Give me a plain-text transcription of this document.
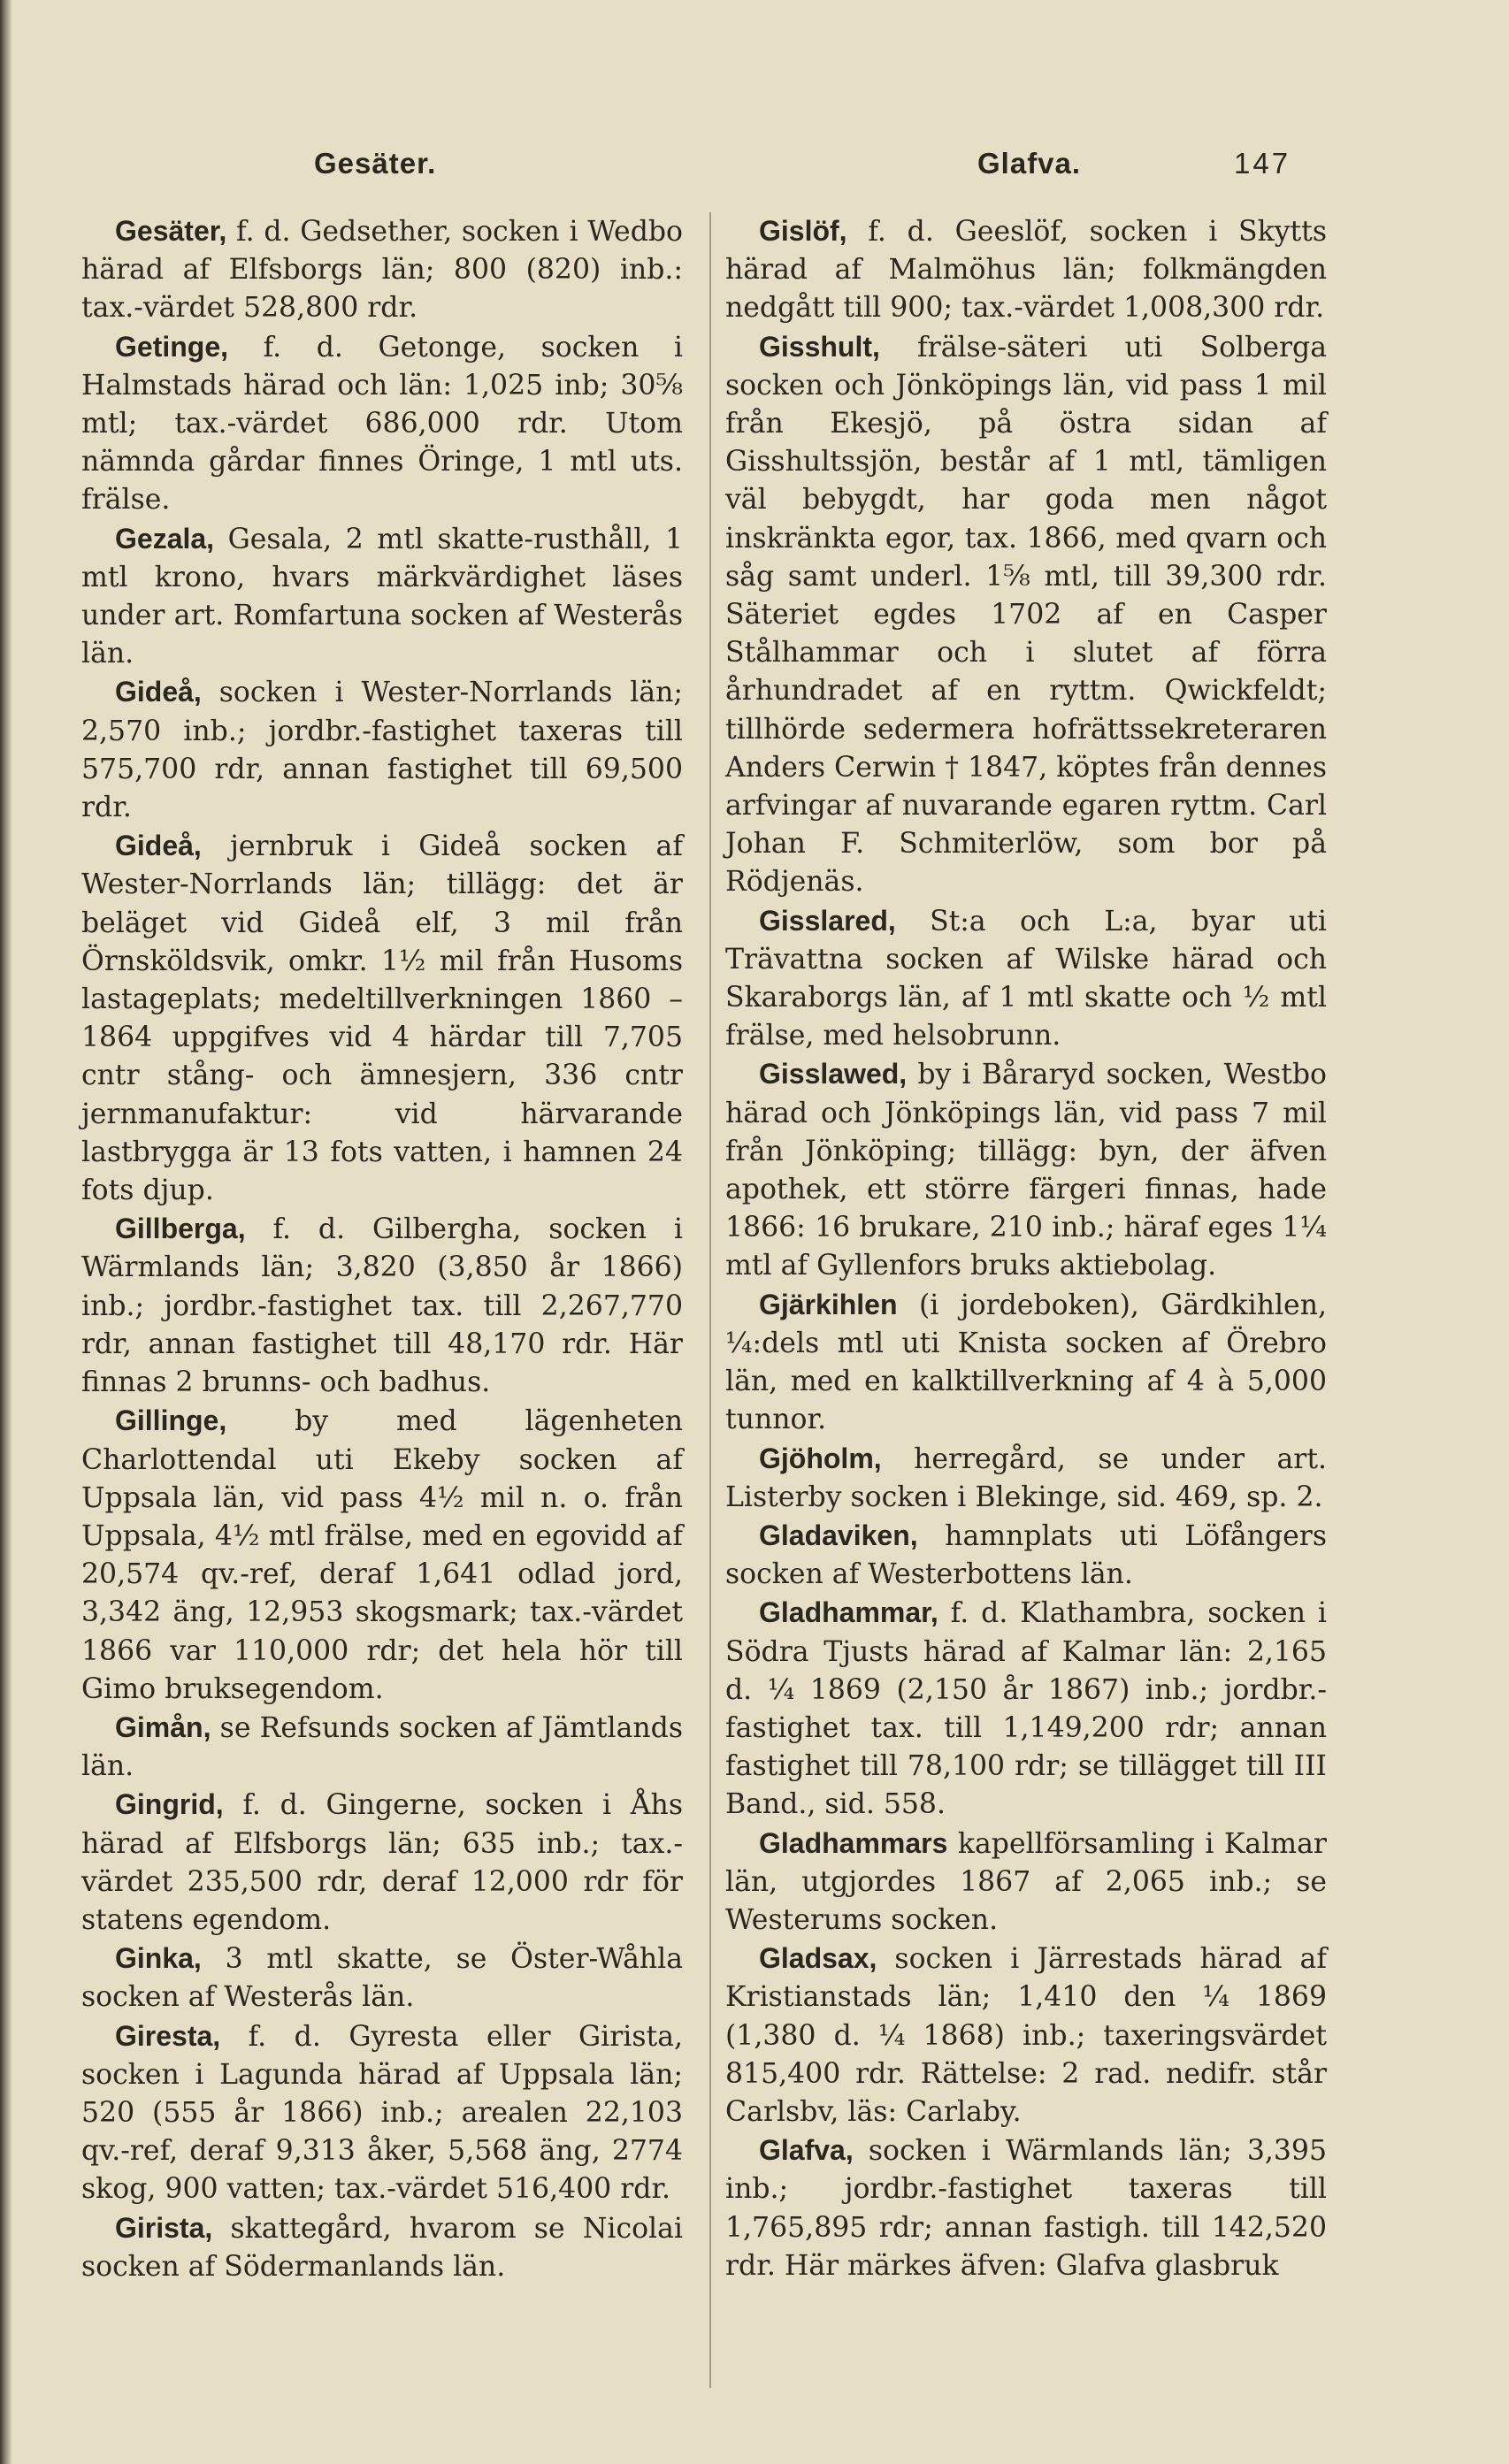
Gesäter.	Glafva.	147

Gesäter, f. d. Gedsether, socken i Wedbo härad af Elfsborgs län; 800 (820) inb.: tax.-värdet 528,800 rdr.

Getinge, f. d. Getonge, socken i Halmstads härad och län: 1,025 inb; 30⅝ mtl; tax.-värdet 686,000 rdr. Utom nämnda gårdar finnes Öringe, 1 mtl uts. frälse.

Gezala, Gesala, 2 mtl skatte-rusthåll, 1 mtl krono, hvars märkvärdighet läses under art. Romfartuna socken af Westerås län.

Gideå, socken i Wester-Norrlands län; 2,570 inb.; jordbr.-fastighet taxeras till 575,700 rdr, annan fastighet till 69,500 rdr.

Gideå, jernbruk i Gideå socken af Wester-Norrlands län; tillägg: det är beläget vid Gideå elf, 3 mil från Örnsköldsvik, omkr. 1½ mil från Husoms lastageplats; medeltillverkningen 1860 –1864 uppgifves vid 4 härdar till 7,705 cntr stång- och ämnesjern, 336 cntr jernmanufaktur: vid härvarande lastbrygga är 13 fots vatten, i hamnen 24 fots djup.

Gillberga, f. d. Gilbergha, socken i Wärmlands län; 3,820 (3,850 år 1866) inb.; jordbr.-fastighet tax. till 2,267,770 rdr, annan fastighet till 48,170 rdr. Här finnas 2 brunns- och badhus.

Gillinge, by med lägenheten Charlottendal uti Ekeby socken af Uppsala län, vid pass 4½ mil n. o. från Uppsala, 4½ mtl frälse, med en egovidd af 20,574 qv.-ref, deraf 1,641 odlad jord, 3,342 äng, 12,953 skogsmark; tax.-värdet 1866 var 110,000 rdr; det hela hör till Gimo bruksegendom.

Gimån, se Refsunds socken af Jämtlands län.

Gingrid, f. d. Gingerne, socken i Åhs härad af Elfsborgs län; 635 inb.; tax.-värdet 235,500 rdr, deraf 12,000 rdr för statens egendom.

Ginka, 3 mtl skatte, se Öster-Wåhla socken af Westerås län.

Giresta, f. d. Gyresta eller Girista, socken i Lagunda härad af Uppsala län; 520 (555 år 1866) inb.; arealen 22,103 qv.-ref, deraf 9,313 åker, 5,568 äng, 2774 skog, 900 vatten; tax.-värdet 516,400 rdr.

Girista, skattegård, hvarom se Nicolai socken af Södermanlands län.

Gislöf, f. d. Geeslöf, socken i Skytts härad af Malmöhus län; folkmängden nedgått till 900; tax.-värdet 1,008,300 rdr.

Gisshult, frälse-säteri uti Solberga socken och Jönköpings län, vid pass 1 mil från Ekesjö, på östra sidan af Gisshultssjön, består af 1 mtl, tämligen väl bebygdt, har goda men något inskränkta egor, tax. 1866, med qvarn och såg samt underl. 1⅝ mtl, till 39,300 rdr. Säteriet egdes 1702 af en Casper Stålhammar och i slutet af förra århundradet af en ryttm. Qwickfeldt; tillhörde sedermera hofrättssekreteraren Anders Cerwin † 1847, köptes från dennes arfvingar af nuvarande egaren ryttm. Carl Johan F. Schmiterlöw, som bor på Rödjenäs.

Gisslared, St:a och L:a, byar uti Trävattna socken af Wilske härad och Skaraborgs län, af 1 mtl skatte och ½ mtl frälse, med helsobrunn.

Gisslawed, by i Båraryd socken, Westbo härad och Jönköpings län, vid pass 7 mil från Jönköping; tillägg: byn, der äfven apothek, ett större färgeri finnas, hade 1866: 16 brukare, 210 inb.; häraf eges 1¼ mtl af Gyllenfors bruks aktiebolag.

Gjärkihlen (i jordeboken), Gärdkihlen, ¼:dels mtl uti Knista socken af Örebro län, med en kalktillverkning af 4 à 5,000 tunnor.

Gjöholm, herregård, se under art. Listerby socken i Blekinge, sid. 469, sp. 2.

Gladaviken, hamnplats uti Löfångers socken af Westerbottens län.

Gladhammar, f. d. Klathambra, socken i Södra Tjusts härad af Kalmar län: 2,165 d. ¼ 1869 (2,150 år 1867) inb.; jordbr.-fastighet tax. till 1,149,200 rdr; annan fastighet till 78,100 rdr; se tillägget till III Band., sid. 558.

Gladhammars kapellförsamling i Kalmar län, utgjordes 1867 af 2,065 inb.; se Westerums socken.

Gladsax, socken i Järrestads härad af Kristianstads län; 1,410 den ¼ 1869 (1,380 d. ¼ 1868) inb.; taxeringsvärdet 815,400 rdr. Rättelse: 2 rad. nedifr. står Carlsbv, läs: Carlaby.

Glafva, socken i Wärmlands län; 3,395 inb.; jordbr.-fastighet taxeras till 1,765,895 rdr; annan fastigh. till 142,520 rdr. Här märkes äfven: Glafva glasbruk
